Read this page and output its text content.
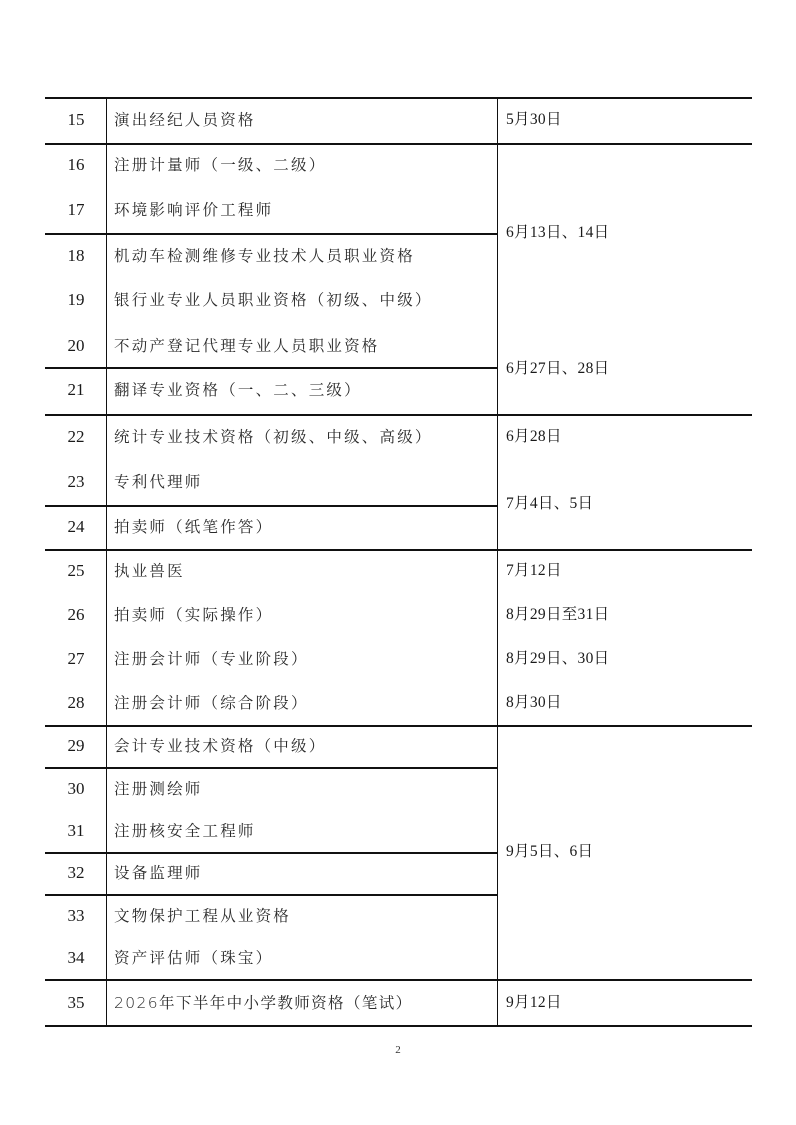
15
16
17
18
19
20
21
22
23
24
25
26
27
28
29
30
31
32
33
34
35
演出经纪人员资格
注册计量师（一级、二级）
环境影响评价工程师
机动车检测维修专业技术人员职业资格
银行业专业人员职业资格（初级、中级）
不动产登记代理专业人员职业资格
翻译专业资格（一、二、三级）
统计专业技术资格（初级、中级、高级）
专利代理师
拍卖师（纸笔作答）
执业兽医
拍卖师（实际操作）
注册会计师（专业阶段）
注册会计师（综合阶段）
会计专业技术资格（中级）
注册测绘师
注册核安全工程师
设备监理师
文物保护工程从业资格
资产评估师（珠宝）
2026年下半年中小学教师资格（笔试）
5月30日
6月13日、14日
6月27日、28日
6月28日
7月4日、5日
7月12日
8月29日至31日
8月29日、30日
8月30日
9月5日、6日
9月12日
2
